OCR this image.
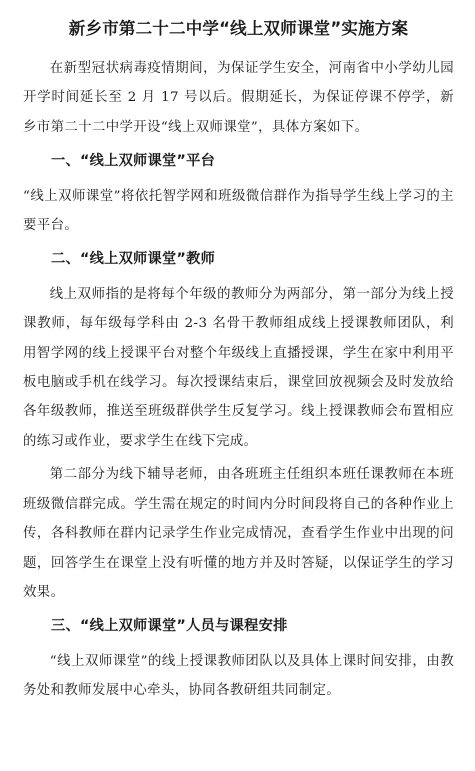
新乡市第二十二中学“线上双师课堂”实施方案

在新型冠状病毒疫情期间，为保证学生安全，河南省中小学幼儿园开学时间延长至 2 月 17 号以后。假期延长，为保证停课不停学，新乡市第二十二中学开设“线上双师课堂”，具体方案如下。

一、“线上双师课堂”平台

“线上双师课堂”将依托智学网和班级微信群作为指导学生线上学习的主要平台。

二、“线上双师课堂”教师

线上双师指的是将每个年级的教师分为两部分，第一部分为线上授课教师，每年级每学科由 2-3 名骨干教师组成线上授课教师团队，利用智学网的线上授课平台对整个年级线上直播授课，学生在家中利用平板电脑或手机在线学习。每次授课结束后，课堂回放视频会及时发放给各年级教师，推送至班级群供学生反复学习。线上授课教师会布置相应的练习或作业，要求学生在线下完成。

第二部分为线下辅导老师，由各班班主任组织本班任课教师在本班班级微信群完成。学生需在规定的时间内分时间段将自己的各种作业上传，各科教师在群内记录学生作业完成情况，查看学生作业中出现的问题，回答学生在课堂上没有听懂的地方并及时答疑，以保证学生的学习效果。

三、“线上双师课堂”人员与课程安排

“线上双师课堂”的线上授课教师团队以及具体上课时间安排，由教务处和教师发展中心牵头，协同各教研组共同制定。
